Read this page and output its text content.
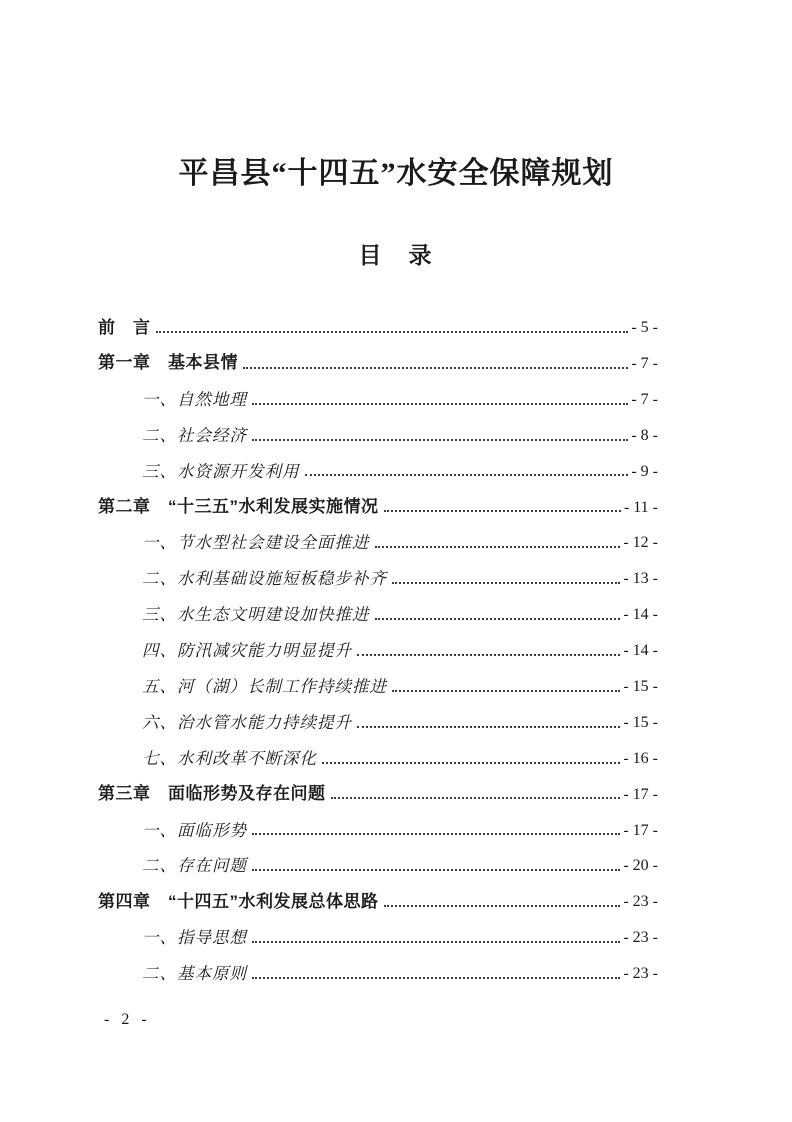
平昌县“十四五”水安全保障规划
目　录
前　言	- 5 -
第一章　基本县情	- 7 -
一、自然地理	- 7 -
二、社会经济	- 8 -
三、水资源开发利用	- 9 -
第二章　“十三五”水利发展实施情况	- 11 -
一、节水型社会建设全面推进	- 12 -
二、水利基础设施短板稳步补齐	- 13 -
三、水生态文明建设加快推进	- 14 -
四、防汛减灾能力明显提升	- 14 -
五、河（湖）长制工作持续推进	- 15 -
六、治水管水能力持续提升	- 15 -
七、水利改革不断深化	- 16 -
第三章　面临形势及存在问题	- 17 -
一、面临形势	- 17 -
二、存在问题	- 20 -
第四章　“十四五”水利发展总体思路	- 23 -
一、指导思想	- 23 -
二、基本原则	- 23 -
- 2 -
